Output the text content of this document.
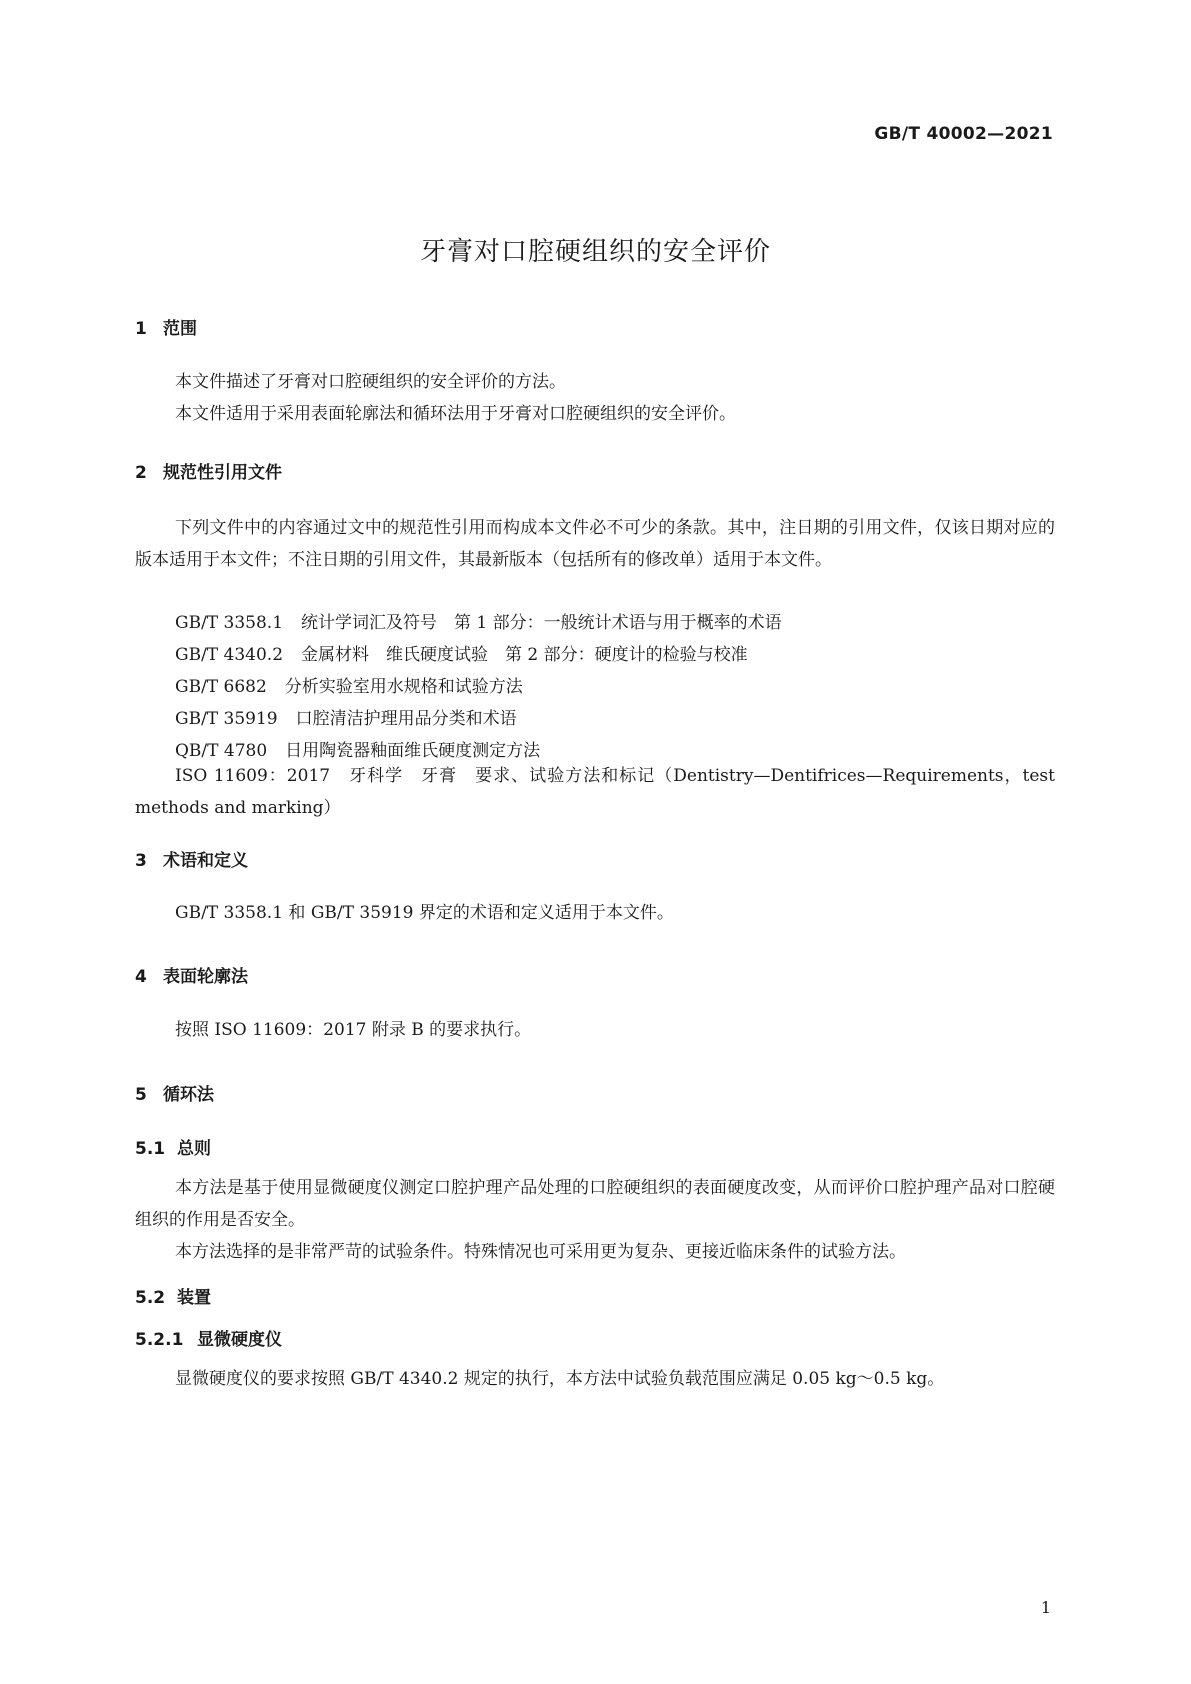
GB/T 40002—2021
牙膏对口腔硬组织的安全评价
1 范围
本文件描述了牙膏对口腔硬组织的安全评价的方法。
本文件适用于采用表面轮廓法和循环法用于牙膏对口腔硬组织的安全评价。
2 规范性引用文件
下列文件中的内容通过文中的规范性引用而构成本文件必不可少的条款。其中，注日期的引用文件，仅该日期对应的版本适用于本文件；不注日期的引用文件，其最新版本（包括所有的修改单）适用于本文件。
GB/T 3358.1 统计学词汇及符号　第 1 部分：一般统计术语与用于概率的术语
GB/T 4340.2 金属材料　维氏硬度试验　第 2 部分：硬度计的检验与校准
GB/T 6682 分析实验室用水规格和试验方法
GB/T 35919 口腔清洁护理用品分类和术语
QB/T 4780 日用陶瓷器釉面维氏硬度测定方法
ISO 11609：2017　牙科学　牙膏　要求、试验方法和标记（Dentistry—Dentifrices—Requirements，test methods and marking）
3 术语和定义
GB/T 3358.1 和 GB/T 35919 界定的术语和定义适用于本文件。
4 表面轮廓法
按照 ISO 11609：2017 附录 B 的要求执行。
5 循环法
5.1 总则
本方法是基于使用显微硬度仪测定口腔护理产品处理的口腔硬组织的表面硬度改变，从而评价口腔护理产品对口腔硬组织的作用是否安全。
本方法选择的是非常严苛的试验条件。特殊情况也可采用更为复杂、更接近临床条件的试验方法。
5.2 装置
5.2.1 显微硬度仪
显微硬度仪的要求按照 GB/T 4340.2 规定的执行，本方法中试验负载范围应满足 0.05 kg～0.5 kg。
1
